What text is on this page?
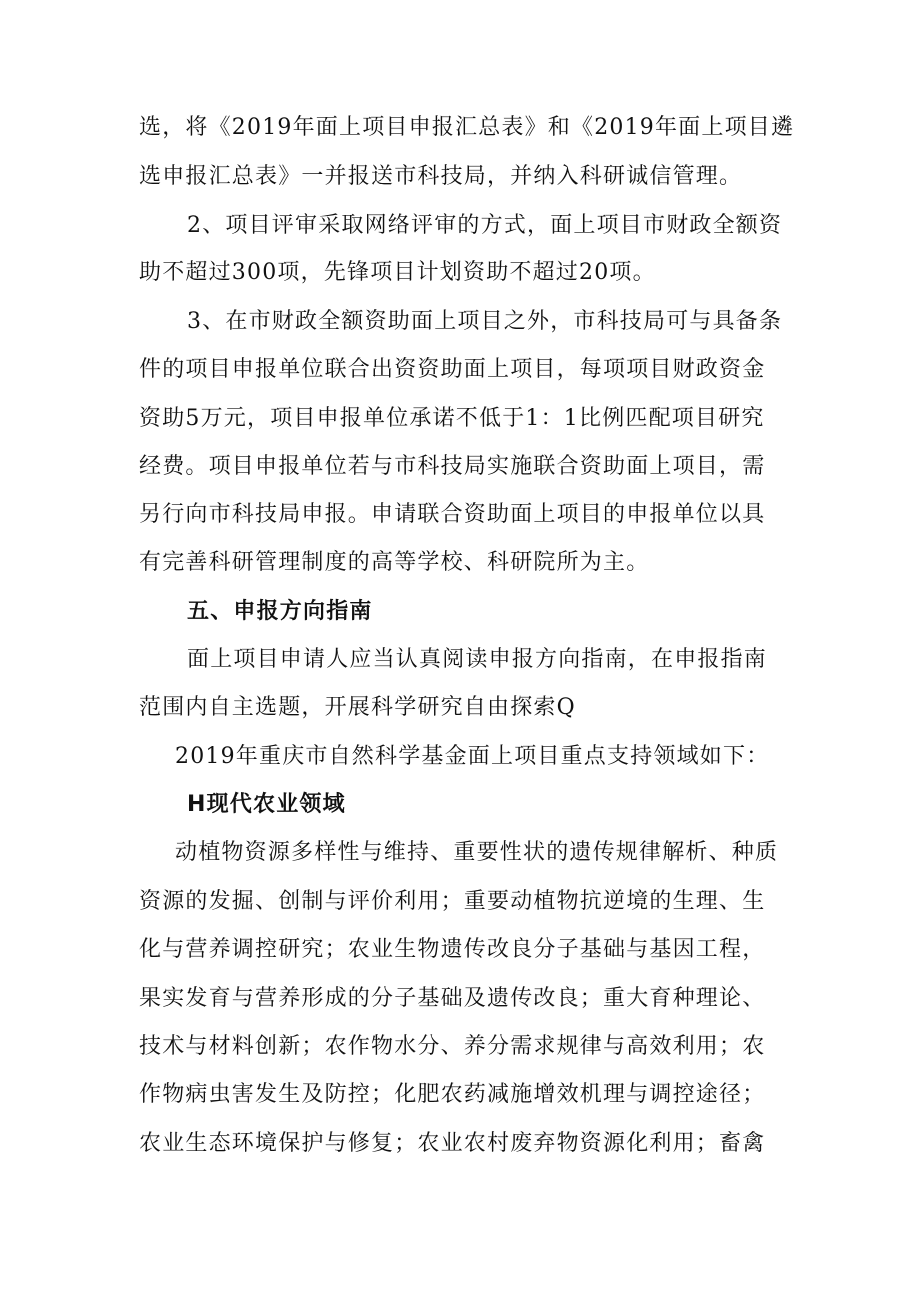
选，将《2019年面上项目申报汇总表》和《2019年面上项目遴
选申报汇总表》一并报送市科技局，并纳入科研诚信管理。
2、项目评审采取网络评审的方式，面上项目市财政全额资
助不超过300项，先锋项目计划资助不超过20项。
3、在市财政全额资助面上项目之外，市科技局可与具备条
件的项目申报单位联合出资资助面上项目，每项项目财政资金
资助5万元，项目申报单位承诺不低于1：1比例匹配项目研究
经费。项目申报单位若与市科技局实施联合资助面上项目，需
另行向市科技局申报。申请联合资助面上项目的申报单位以具
有完善科研管理制度的高等学校、科研院所为主。
五、申报方向指南
面上项目申请人应当认真阅读申报方向指南，在申报指南
范围内自主选题，开展科学研究自由探索Q
2019年重庆市自然科学基金面上项目重点支持领域如下：
H现代农业领域
动植物资源多样性与维持、重要性状的遗传规律解析、种质
资源的发掘、创制与评价利用；重要动植物抗逆境的生理、生
化与营养调控研究；农业生物遗传改良分子基础与基因工程，
果实发育与营养形成的分子基础及遗传改良；重大育种理论、
技术与材料创新；农作物水分、养分需求规律与高效利用；农
作物病虫害发生及防控；化肥农药减施增效机理与调控途径；
农业生态环境保护与修复；农业农村废弃物资源化利用；畜禽
